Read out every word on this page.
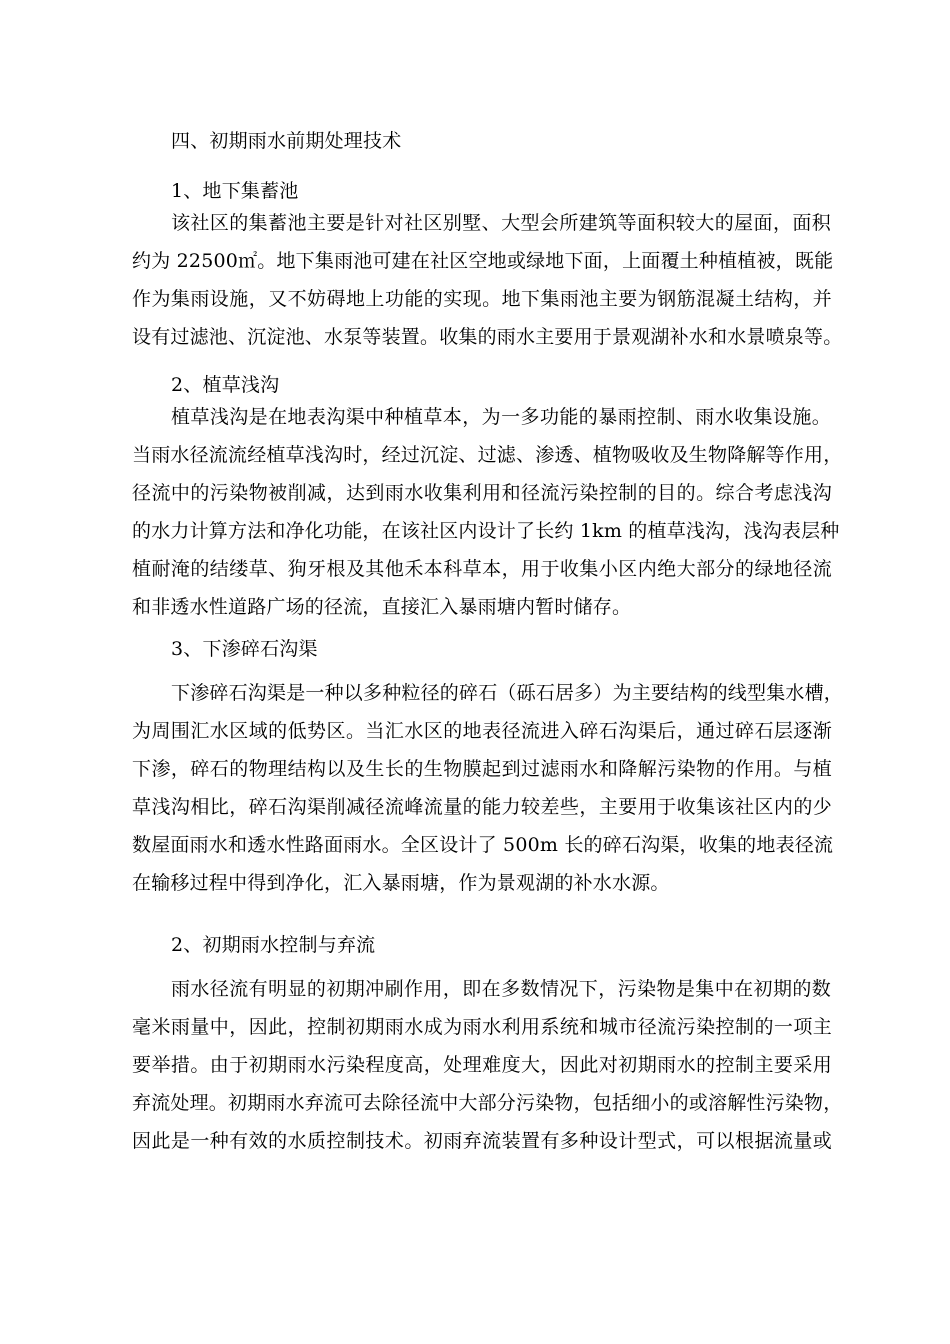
四、初期雨水前期处理技术
1、地下集蓄池
该社区的集蓄池主要是针对社区别墅、大型会所建筑等面积较大的屋面，面积
约为 22500㎡。地下集雨池可建在社区空地或绿地下面，上面覆土种植植被，既能
作为集雨设施，又不妨碍地上功能的实现。地下集雨池主要为钢筋混凝土结构，并
设有过滤池、沉淀池、水泵等装置。收集的雨水主要用于景观湖补水和水景喷泉等。
2、植草浅沟
植草浅沟是在地表沟渠中种植草本，为一多功能的暴雨控制、雨水收集设施。
当雨水径流流经植草浅沟时，经过沉淀、过滤、渗透、植物吸收及生物降解等作用，
径流中的污染物被削减，达到雨水收集利用和径流污染控制的目的。综合考虑浅沟
的水力计算方法和净化功能，在该社区内设计了长约 1km 的植草浅沟，浅沟表层种
植耐淹的结缕草、狗牙根及其他禾本科草本，用于收集小区内绝大部分的绿地径流
和非透水性道路广场的径流，直接汇入暴雨塘内暂时储存。
3、下渗碎石沟渠
下渗碎石沟渠是一种以多种粒径的碎石（砾石居多）为主要结构的线型集水槽，
为周围汇水区域的低势区。当汇水区的地表径流进入碎石沟渠后，通过碎石层逐渐
下渗，碎石的物理结构以及生长的生物膜起到过滤雨水和降解污染物的作用。与植
草浅沟相比，碎石沟渠削减径流峰流量的能力较差些，主要用于收集该社区内的少
数屋面雨水和透水性路面雨水。全区设计了 500m 长的碎石沟渠，收集的地表径流
在输移过程中得到净化，汇入暴雨塘，作为景观湖的补水水源。
2、初期雨水控制与弃流
雨水径流有明显的初期冲刷作用，即在多数情况下，污染物是集中在初期的数
毫米雨量中，因此，控制初期雨水成为雨水利用系统和城市径流污染控制的一项主
要举措。由于初期雨水污染程度高，处理难度大，因此对初期雨水的控制主要采用
弃流处理。初期雨水弃流可去除径流中大部分污染物，包括细小的或溶解性污染物，
因此是一种有效的水质控制技术。初雨弃流装置有多种设计型式，可以根据流量或
